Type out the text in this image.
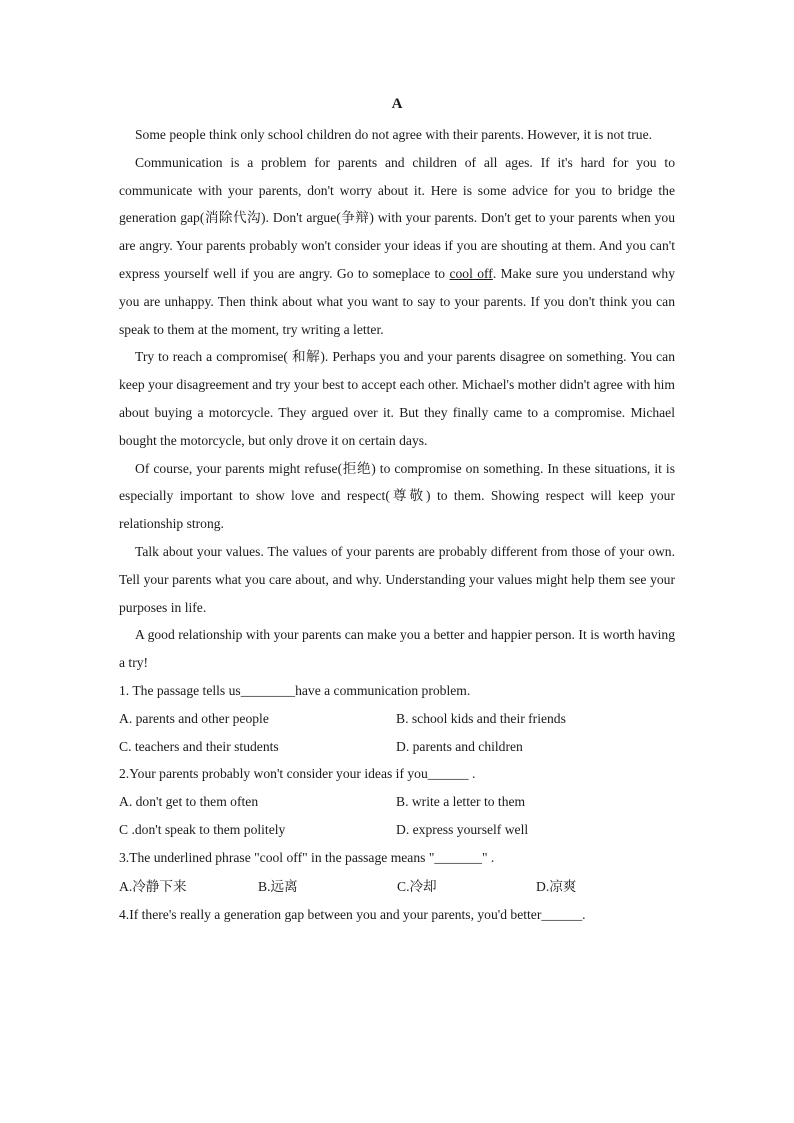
A

Some people think only school children do not agree with their parents. However, it is not true.

Communication is a problem for parents and children of all ages. If it's hard for you to communicate with your parents, don't worry about it. Here is some advice for you to bridge the generation gap(消除代沟). Don't argue(争辩) with your parents. Don't get to your parents when you are angry. Your parents probably won't consider your ideas if you are shouting at them. And you can't express yourself well if you are angry. Go to someplace to cool off. Make sure you understand why you are unhappy. Then think about what you want to say to your parents. If you don't think you can speak to them at the moment, try writing a letter.

Try to reach a compromise( 和解). Perhaps you and your parents disagree on something. You can keep your disagreement and try your best to accept each other. Michael's mother didn't agree with him about buying a motorcycle. They argued over it. But they finally came to a compromise. Michael bought the motorcycle, but only drove it on certain days.

Of course, your parents might refuse(拒绝) to compromise on something. In these situations, it is especially important to show love and respect(尊敬) to them. Showing respect will keep your relationship strong.

Talk about your values. The values of your parents are probably different from those of your own. Tell your parents what you care about, and why. Understanding your values might help them see your purposes in life.

A good relationship with your parents can make you a better and happier person. It is worth having a try!

1. The passage tells us________have a communication problem.

A. parents and other people	B. school kids and their friends
C. teachers and their students	D. parents and children

2.Your parents probably won't consider your ideas if you______ .

A. don't get to them often	B. write a letter to them
C .don't speak to them politely	D. express yourself well

3.The underlined phrase "cool off" in the passage means "_______" .

A.冷静下来	B.远离	C.冷却	D.凉爽

4.If there's really a generation gap between you and your parents, you'd better______.
